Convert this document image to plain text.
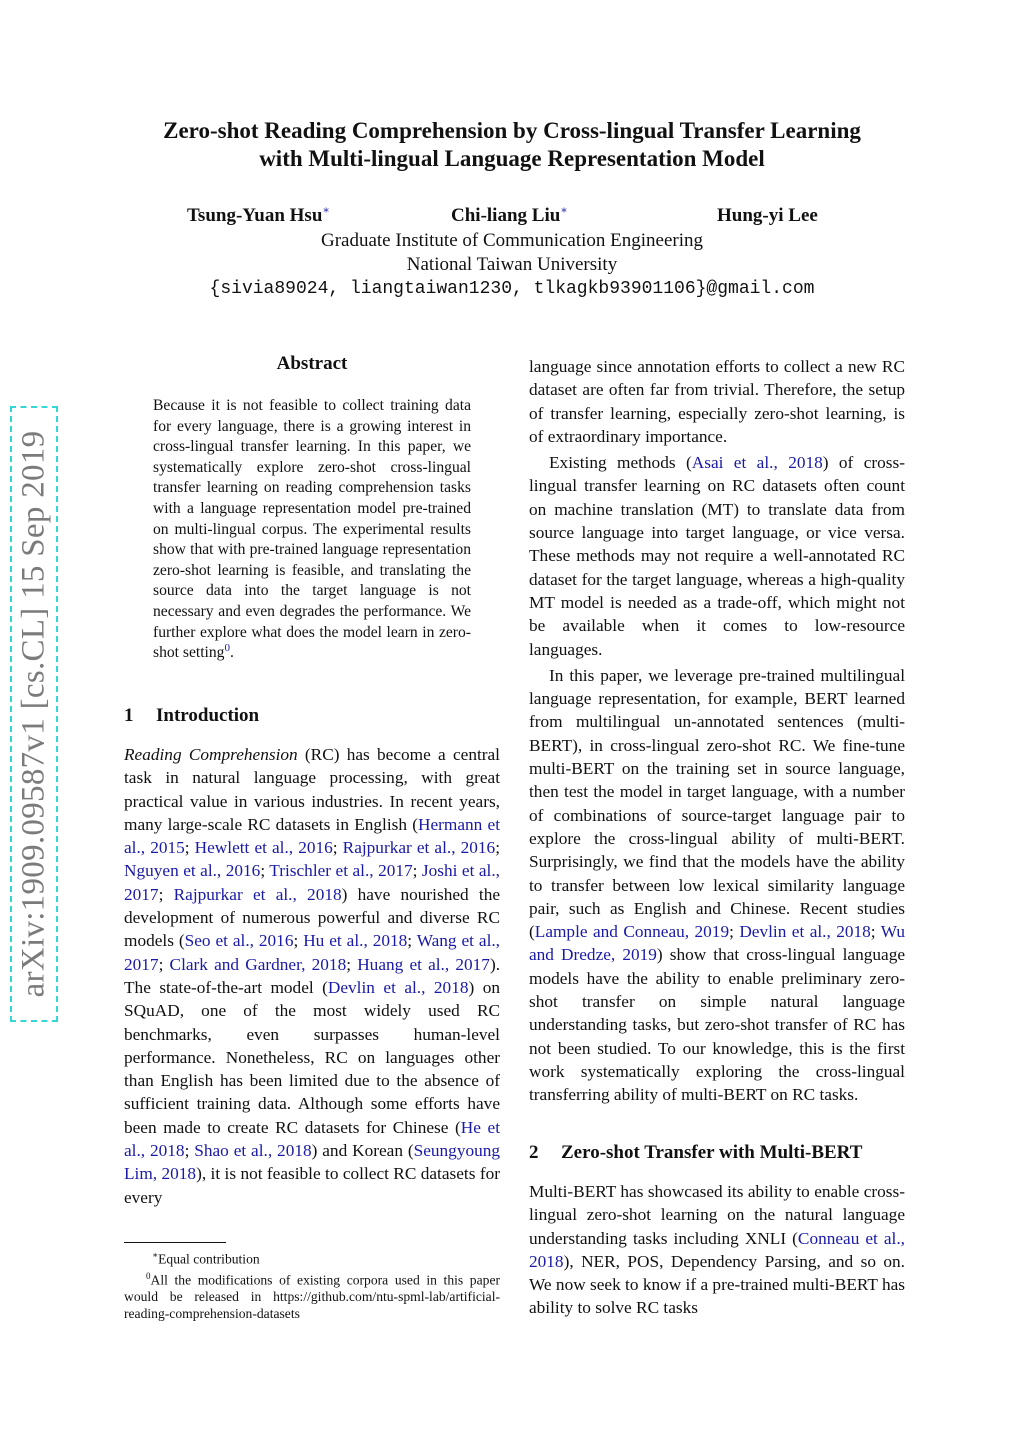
Zero-shot Reading Comprehension by Cross-lingual Transfer Learning
with Multi-lingual Language Representation Model
Tsung-Yuan Hsu∗	Chi-liang Liu∗	Hung-yi Lee
Graduate Institute of Communication Engineering
National Taiwan University
{sivia89024, liangtaiwan1230, tlkagkb93901106}@gmail.com
arXiv:1909.09587v1 [cs.CL] 15 Sep 2019
Abstract
Because it is not feasible to collect training data for every language, there is a growing interest in cross-lingual transfer learning. In this paper, we systematically explore zero-shot cross-lingual transfer learning on reading comprehension tasks with a language representation model pre-trained on multi-lingual corpus. The experimental results show that with pre-trained language representation zero-shot learning is feasible, and translating the source data into the target language is not necessary and even degrades the performance. We further explore what does the model learn in zero-shot setting$^0$.
1 Introduction

Reading Comprehension (RC) has become a central task in natural language processing, with great practical value in various industries. In recent years, many large-scale RC datasets in English (Hermann et al., 2015; Hewlett et al., 2016; Rajpurkar et al., 2016; Nguyen et al., 2016; Trischler et al., 2017; Joshi et al., 2017; Rajpurkar et al., 2018) have nourished the development of numerous powerful and diverse RC models (Seo et al., 2016; Hu et al., 2018; Wang et al., 2017; Clark and Gardner, 2018; Huang et al., 2017). The state-of-the-art model (Devlin et al., 2018) on SQuAD, one of the most widely used RC benchmarks, even surpasses human-level performance. Nonetheless, RC on languages other than English has been limited due to the absence of sufficient training data. Although some efforts have been made to create RC datasets for Chinese (He et al., 2018; Shao et al., 2018) and Korean (Seungyoung Lim, 2018), it is not feasible to collect RC datasets for every

∗Equal contribution

$^0$All the modifications of existing corpora used in this paper would be released in https://github.com/ntu-spml-lab/artificial-reading-comprehension-datasets

language since annotation efforts to collect a new RC dataset are often far from trivial. Therefore, the setup of transfer learning, especially zero-shot learning, is of extraordinary importance.

Existing methods (Asai et al., 2018) of cross-lingual transfer learning on RC datasets often count on machine translation (MT) to translate data from source language into target language, or vice versa. These methods may not require a well-annotated RC dataset for the target language, whereas a high-quality MT model is needed as a trade-off, which might not be available when it comes to low-resource languages.

In this paper, we leverage pre-trained multilingual language representation, for example, BERT learned from multilingual un-annotated sentences (multi-BERT), in cross-lingual zero-shot RC. We fine-tune multi-BERT on the training set in source language, then test the model in target language, with a number of combinations of source-target language pair to explore the cross-lingual ability of multi-BERT. Surprisingly, we find that the models have the ability to transfer between low lexical similarity language pair, such as English and Chinese. Recent studies (Lample and Conneau, 2019; Devlin et al., 2018; Wu and Dredze, 2019) show that cross-lingual language models have the ability to enable preliminary zero-shot transfer on simple natural language understanding tasks, but zero-shot transfer of RC has not been studied. To our knowledge, this is the first work systematically exploring the cross-lingual transferring ability of multi-BERT on RC tasks.

2 Zero-shot Transfer with Multi-BERT

Multi-BERT has showcased its ability to enable cross-lingual zero-shot learning on the natural language understanding tasks including XNLI (Conneau et al., 2018), NER, POS, Dependency Parsing, and so on. We now seek to know if a pre-trained multi-BERT has ability to solve RC tasks
